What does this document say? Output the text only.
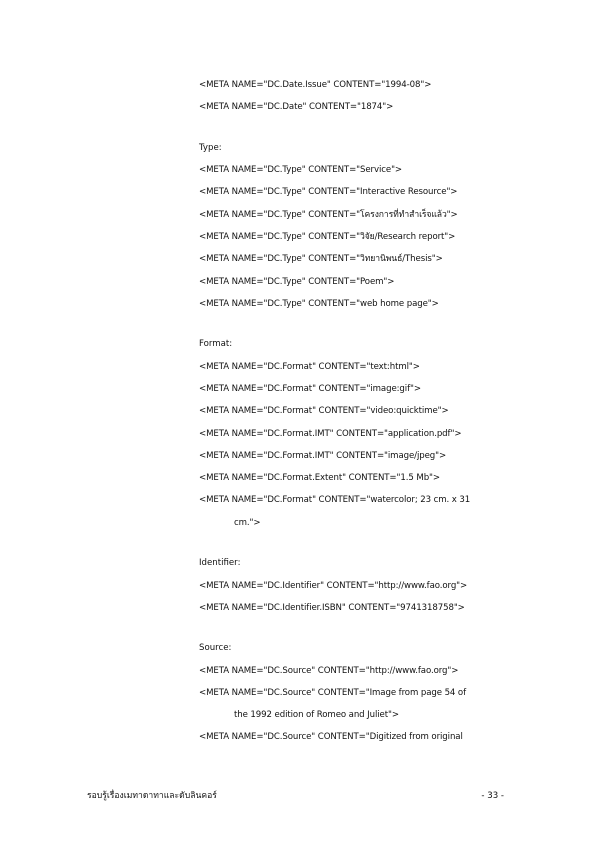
<META NAME="DC.Date.Issue" CONTENT="1994-08">
<META NAME="DC.Date" CONTENT="1874">
Type:
<META NAME="DC.Type" CONTENT="Service">
<META NAME="DC.Type" CONTENT="Interactive Resource">
<META NAME="DC.Type" CONTENT="โครงการที่ทำสำเร็จแล้ว">
<META NAME="DC.Type" CONTENT="วิจัย/Research report">
<META NAME="DC.Type" CONTENT="วิทยานิพนธ์/Thesis">
<META NAME="DC.Type" CONTENT="Poem">
<META NAME="DC.Type" CONTENT="web home page">
Format:
<META NAME="DC.Format" CONTENT="text:html">
<META NAME="DC.Format" CONTENT="image:gif">
<META NAME="DC.Format" CONTENT="video:quicktime">
<META NAME="DC.Format.IMT" CONTENT="application.pdf">
<META NAME="DC.Format.IMT" CONTENT="image/jpeg">
<META NAME="DC.Format.Extent" CONTENT="1.5 Mb">
<META NAME="DC.Format" CONTENT="watercolor; 23 cm. x 31
cm.">
Identifier:
<META NAME="DC.Identifier" CONTENT="http://www.fao.org">
<META NAME="DC.Identifier.ISBN" CONTENT="9741318758">
Source:
<META NAME="DC.Source" CONTENT="http://www.fao.org">
<META NAME="DC.Source" CONTENT="Image from page 54 of
the 1992 edition of Romeo and Juliet">
<META NAME="DC.Source" CONTENT="Digitized from original
รอบรู้เรื่องเมทาดาทาและดับลินคอร์	- 33 -
